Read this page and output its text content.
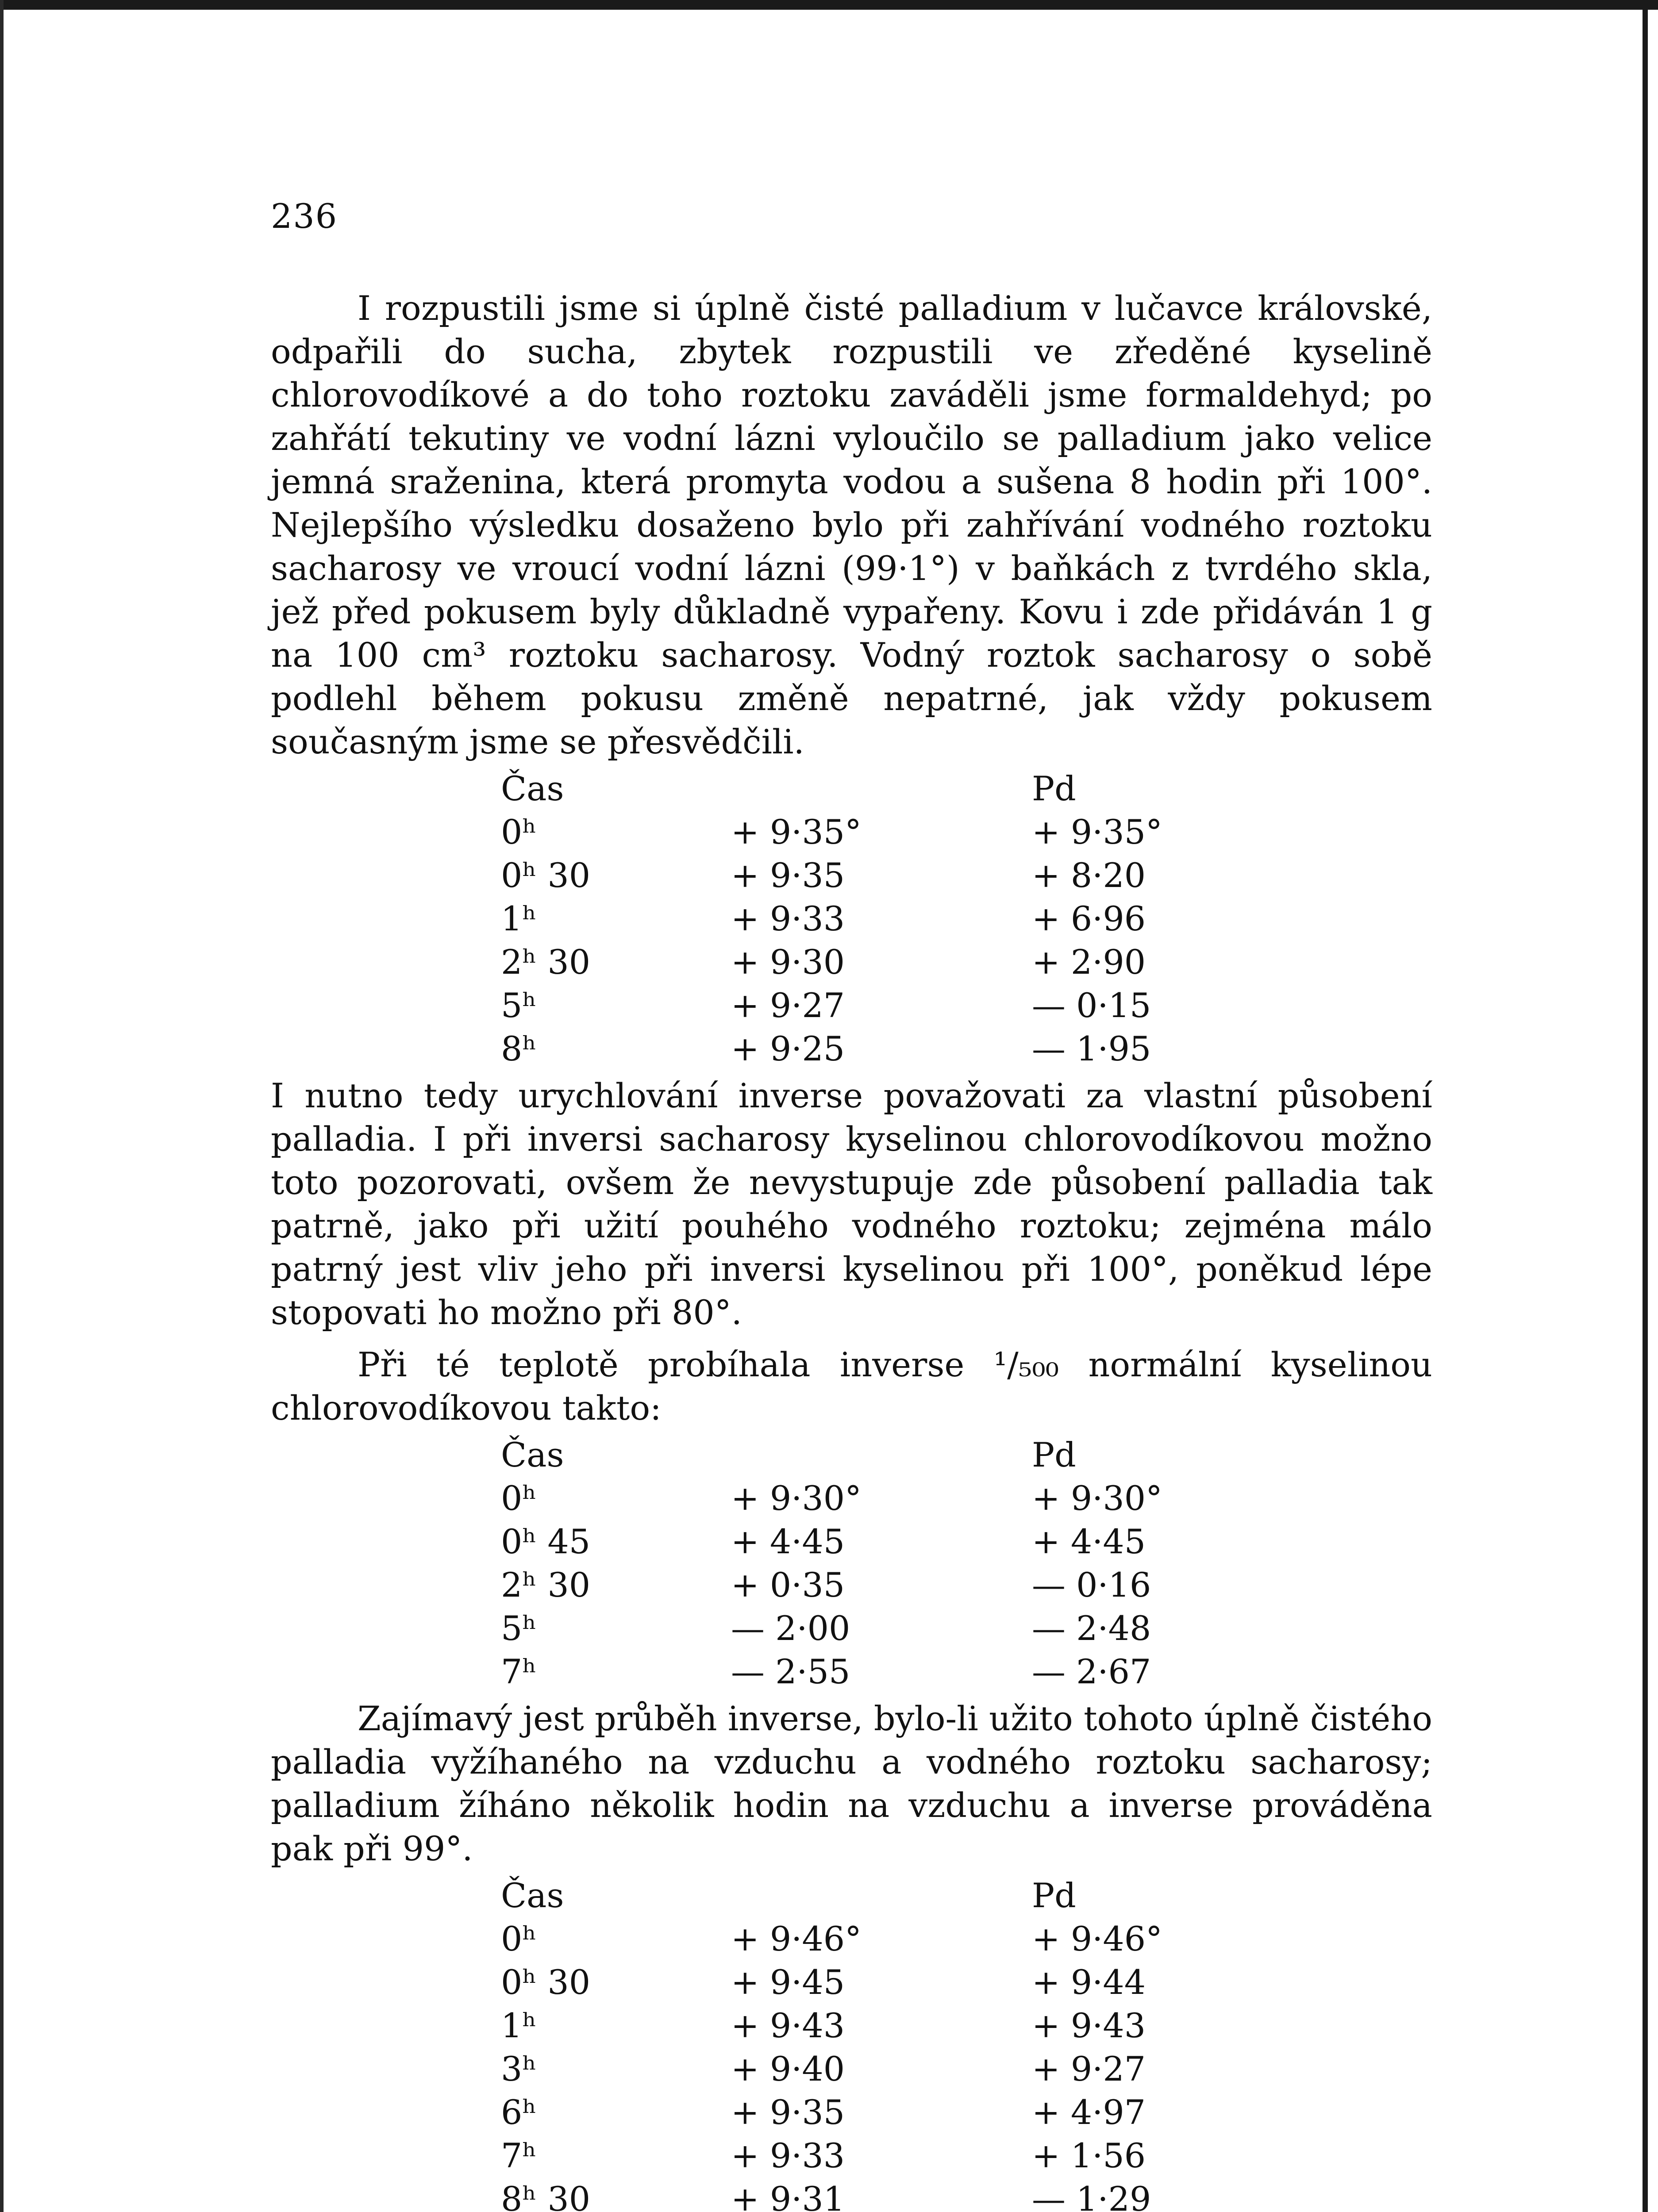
236

I rozpustili jsme si úplně čisté palladium v lučavce královské, odpařili do sucha, zbytek rozpustili ve zředěné kyselině chlorovodíkové a do toho roztoku zaváděli jsme formaldehyd; po zahřátí tekutiny ve vodní lázni vyloučilo se palladium jako velice jemná sraženina, která promyta vodou a sušena 8 hodin při 100°. Nejlepšího výsledku dosaženo bylo při zahřívání vodného roztoku sacharosy ve vroucí vodní lázni (99·1°) v baňkách z tvrdého skla, jež před pokusem byly důkladně vypařeny. Kovu i zde přidáván 1 g na 100 cm³ roztoku sacharosy. Vodný roztok sacharosy o sobě podlehl během pokusu změně nepatrné, jak vždy pokusem současným jsme se přesvědčili.

Čas		Pd
0ʰ	+ 9·35°	+ 9·35°
0ʰ 30	+ 9·35	+ 8·20
1ʰ	+ 9·33	+ 6·96
2ʰ 30	+ 9·30	+ 2·90
5ʰ	+ 9·27	— 0·15
8ʰ	+ 9·25	— 1·95

I nutno tedy urychlování inverse považovati za vlastní působení palladia. I při inversi sacharosy kyselinou chlorovodíkovou možno toto pozorovati, ovšem že nevystupuje zde působení palladia tak patrně, jako při užití pouhého vodného roztoku; zejména málo patrný jest vliv jeho při inversi kyselinou při 100°, poněkud lépe stopovati ho možno při 80°.

Při té teplotě probíhala inverse ¹/₅₀₀ normální kyselinou chlorovodíkovou takto:

Čas		Pd
0ʰ	+ 9·30°	+ 9·30°
0ʰ 45	+ 4·45	+ 4·45
2ʰ 30	+ 0·35	— 0·16
5ʰ	— 2·00	— 2·48
7ʰ	— 2·55	— 2·67

Zajímavý jest průběh inverse, bylo-li užito tohoto úplně čistého palladia vyžíhaného na vzduchu a vodného roztoku sacharosy; palladium žíháno několik hodin na vzduchu a inverse prováděna pak při 99°.

Čas		Pd
0ʰ	+ 9·46°	+ 9·46°
0ʰ 30	+ 9·45	+ 9·44
1ʰ	+ 9·43	+ 9·43
3ʰ	+ 9·40	+ 9·27
6ʰ	+ 9·35	+ 4·97
7ʰ	+ 9·33	+ 1·56
8ʰ 30	+ 9·31	— 1·29
